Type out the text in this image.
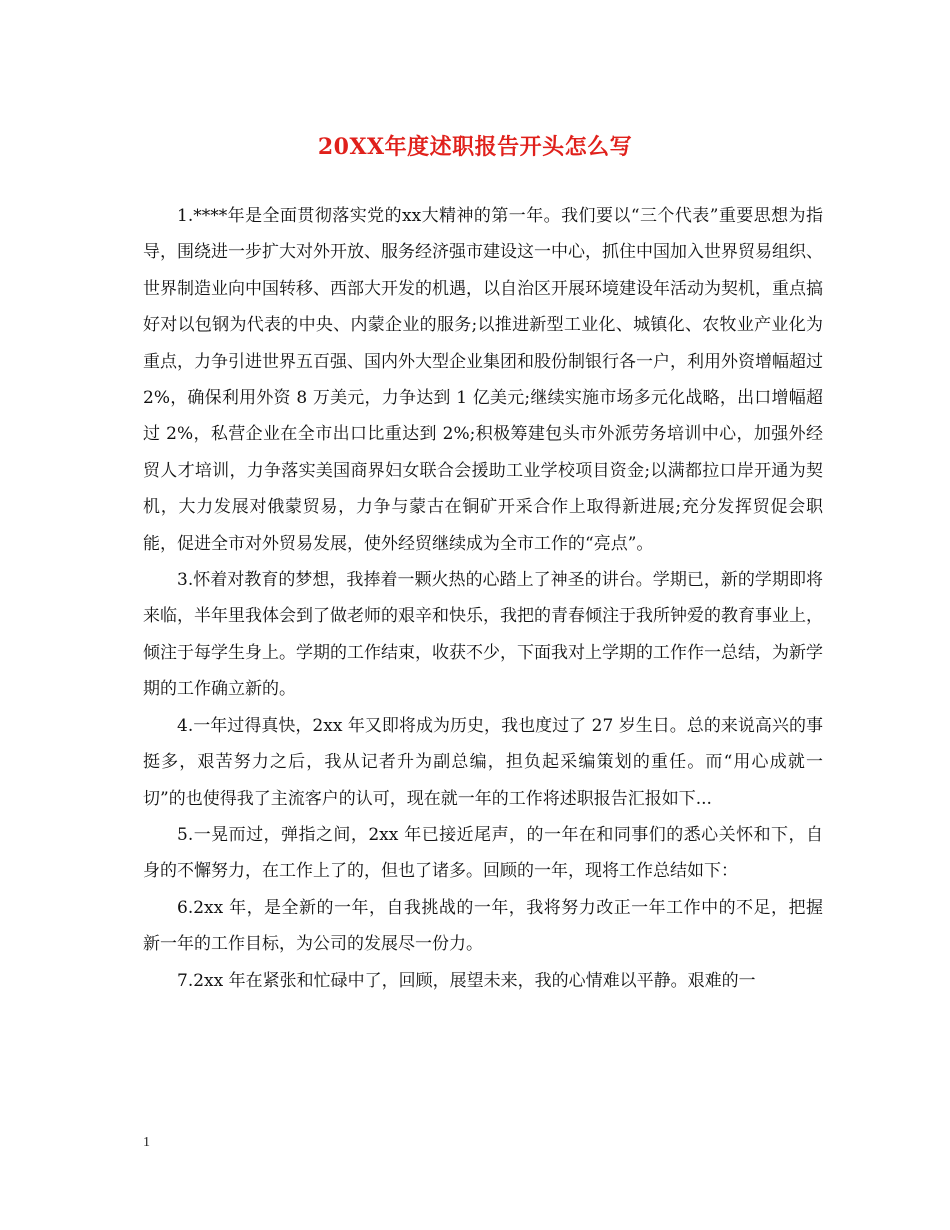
20XX年度述职报告开头怎么写

1.****年是全面贯彻落实党的xx大精神的第一年。我们要以“三个代表”重要思想为指导，围绕进一步扩大对外开放、服务经济强市建设这一中心，抓住中国加入世界贸易组织、世界制造业向中国转移、西部大开发的机遇，以自治区开展环境建设年活动为契机，重点搞好对以包钢为代表的中央、内蒙企业的服务;以推进新型工业化、城镇化、农牧业产业化为重点，力争引进世界五百强、国内外大型企业集团和股份制银行各一户，利用外资增幅超过 2%，确保利用外资 8 万美元，力争达到 1 亿美元;继续实施市场多元化战略，出口增幅超过 2%，私营企业在全市出口比重达到 2%;积极筹建包头市外派劳务培训中心，加强外经贸人才培训，力争落实美国商界妇女联合会援助工业学校项目资金;以满都拉口岸开通为契机，大力发展对俄蒙贸易，力争与蒙古在铜矿开采合作上取得新进展;充分发挥贸促会职能，促进全市对外贸易发展，使外经贸继续成为全市工作的“亮点”。

3.怀着对教育的梦想，我捧着一颗火热的心踏上了神圣的讲台。学期已，新的学期即将来临，半年里我体会到了做老师的艰辛和快乐，我把的青春倾注于我所钟爱的教育事业上，倾注于每学生身上。学期的工作结束，收获不少，下面我对上学期的工作作一总结，为新学期的工作确立新的。

4.一年过得真快，2xx 年又即将成为历史，我也度过了 27 岁生日。总的来说高兴的事挺多，艰苦努力之后，我从记者升为副总编，担负起采编策划的重任。而“用心成就一切”的也使得我了主流客户的认可，现在就一年的工作将述职报告汇报如下...

5.一晃而过，弹指之间，2xx 年已接近尾声，的一年在和同事们的悉心关怀和下，自身的不懈努力，在工作上了的，但也了诸多。回顾的一年，现将工作总结如下：

6.2xx 年，是全新的一年，自我挑战的一年，我将努力改正一年工作中的不足，把握新一年的工作目标，为公司的发展尽一份力。

7.2xx 年在紧张和忙碌中了，回顾，展望未来，我的心情难以平静。艰难的一

1
